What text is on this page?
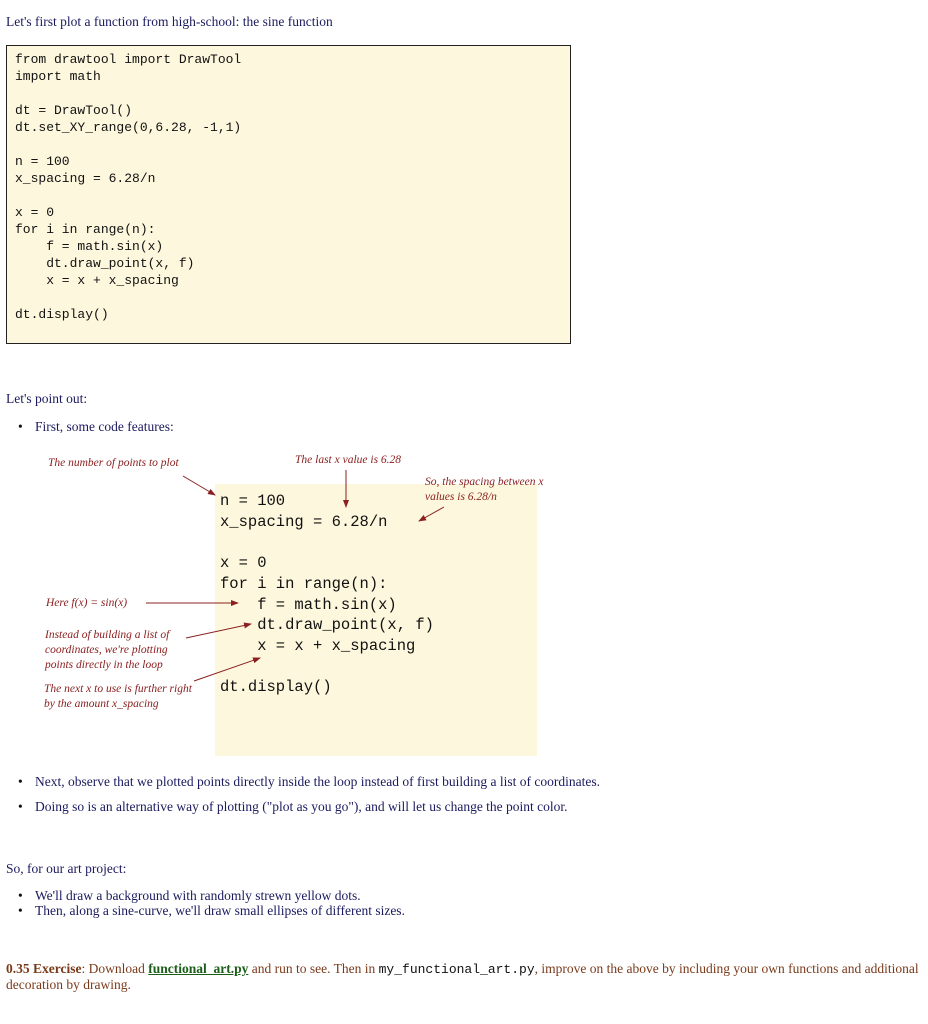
Let's first plot a function from high-school: the sine function
from drawtool import DrawTool
import math

dt = DrawTool()
dt.set_XY_range(0,6.28, -1,1)

n = 100
x_spacing = 6.28/n

x = 0
for i in range(n):
f = math.sin(x)
dt.draw_point(x, f)
x = x + x_spacing

dt.display()
Let's point out:
• First, some code features:
n = 100
x_spacing = 6.28/n

x = 0
for i in range(n):
f = math.sin(x)
dt.draw_point(x, f)
x = x + x_spacing

dt.display()
The number of points to plot	The last x value is 6.28
So, the spacing between x
values is 6.28/n
Here f(x) = sin(x)
Instead of building a list of
coordinates, we're plotting
points directly in the loop
The next x to use is further right
by the amount x_spacing
• Next, observe that we plotted points directly inside the loop instead of first building a list of coordinates.
• Doing so is an alternative way of plotting ("plot as you go"), and will let us change the point color.
So, for our art project:
• We'll draw a background with randomly strewn yellow dots.
• Then, along a sine-curve, we'll draw small ellipses of different sizes.
0.35 Exercise: Download functional_art.py and run to see. Then in my_functional_art.py, improve on the above by including your own functions and additional decoration by drawing.
